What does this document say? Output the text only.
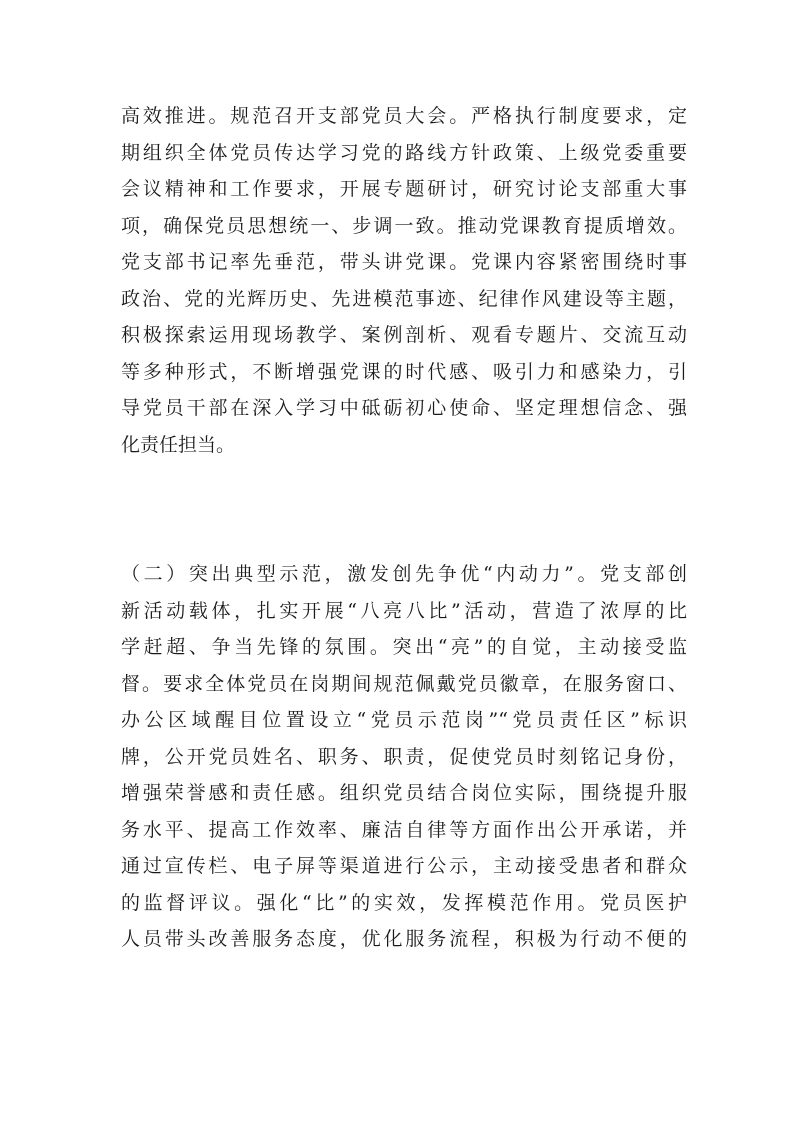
高效推进。规范召开支部党员大会。严格执行制度要求，定
期组织全体党员传达学习党的路线方针政策、上级党委重要
会议精神和工作要求，开展专题研讨，研究讨论支部重大事
项，确保党员思想统一、步调一致。推动党课教育提质增效。
党支部书记率先垂范，带头讲党课。党课内容紧密围绕时事
政治、党的光辉历史、先进模范事迹、纪律作风建设等主题，
积极探索运用现场教学、案例剖析、观看专题片、交流互动
等多种形式，不断增强党课的时代感、吸引力和感染力，引
导党员干部在深入学习中砥砺初心使命、坚定理想信念、强
化责任担当。
（二）突出典型示范，激发创先争优“内动力”。党支部创
新活动载体，扎实开展“八亮八比”活动，营造了浓厚的比
学赶超、争当先锋的氛围。突出“亮”的自觉，主动接受监
督。要求全体党员在岗期间规范佩戴党员徽章，在服务窗口、
办公区域醒目位置设立“党员示范岗”“党员责任区”标识
牌，公开党员姓名、职务、职责，促使党员时刻铭记身份，
增强荣誉感和责任感。组织党员结合岗位实际，围绕提升服
务水平、提高工作效率、廉洁自律等方面作出公开承诺，并
通过宣传栏、电子屏等渠道进行公示，主动接受患者和群众
的监督评议。强化“比”的实效，发挥模范作用。党员医护
人员带头改善服务态度，优化服务流程，积极为行动不便的
